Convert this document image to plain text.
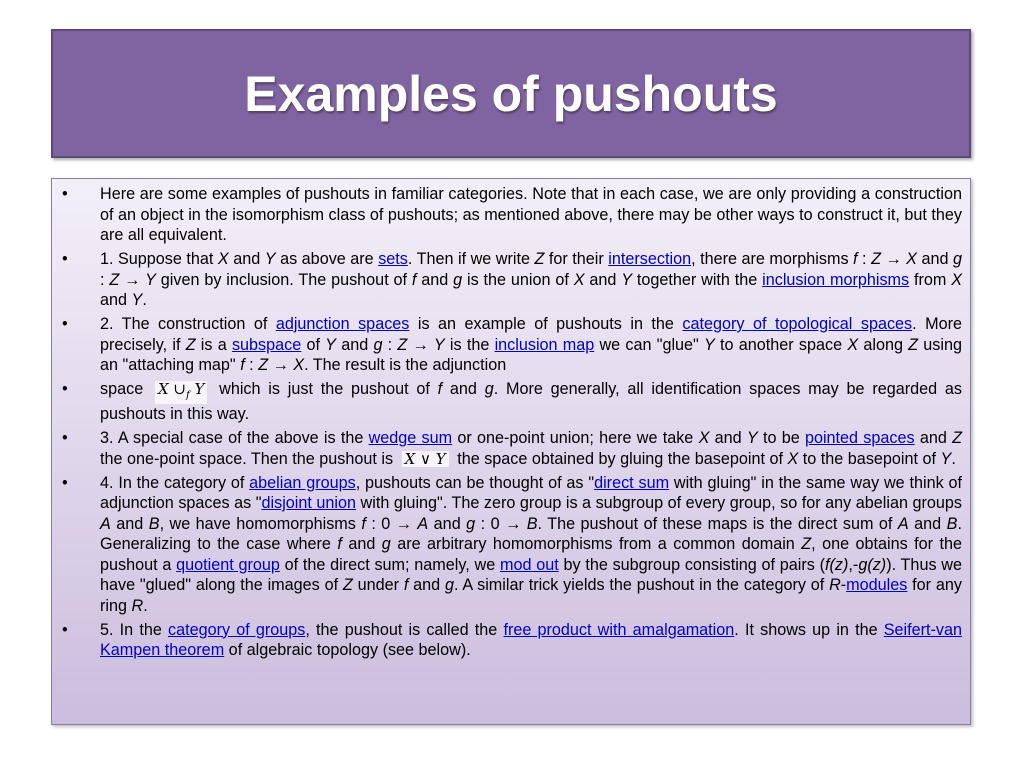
Examples of pushouts
• Here are some examples of pushouts in familiar categories. Note that in each case, we are only providing a construction of an object in the isomorphism class of pushouts; as mentioned above, there may be other ways to construct it, but they are all equivalent.
• 1. Suppose that X and Y as above are sets. Then if we write Z for their intersection, there are morphisms f : Z → X and g : Z → Y given by inclusion. The pushout of f and g is the union of X and Y together with the inclusion morphisms from X and Y.
• 2. The construction of adjunction spaces is an example of pushouts in the category of topological spaces. More precisely, if Z is a subspace of Y and g : Z → Y is the inclusion map we can "glue" Y to another space X along Z using an "attaching map" f : Z → X. The result is the adjunction
• space X $\cup_f$ Y which is just the pushout of f and g. More generally, all identification spaces may be regarded as pushouts in this way.
• 3. A special case of the above is the wedge sum or one-point union; here we take X and Y to be pointed spaces and Z the one-point space. Then the pushout is X ∨ Y the space obtained by gluing the basepoint of X to the basepoint of Y.
• 4. In the category of abelian groups, pushouts can be thought of as "direct sum with gluing" in the same way we think of adjunction spaces as "disjoint union with gluing". The zero group is a subgroup of every group, so for any abelian groups A and B, we have homomorphisms f : 0 → A and g : 0 → B. The pushout of these maps is the direct sum of A and B. Generalizing to the case where f and g are arbitrary homomorphisms from a common domain Z, one obtains for the pushout a quotient group of the direct sum; namely, we mod out by the subgroup consisting of pairs (f(z),-g(z)). Thus we have "glued" along the images of Z under f and g. A similar trick yields the pushout in the category of R-modules for any ring R.
• 5. In the category of groups, the pushout is called the free product with amalgamation. It shows up in the Seifert-van Kampen theorem of algebraic topology (see below).
